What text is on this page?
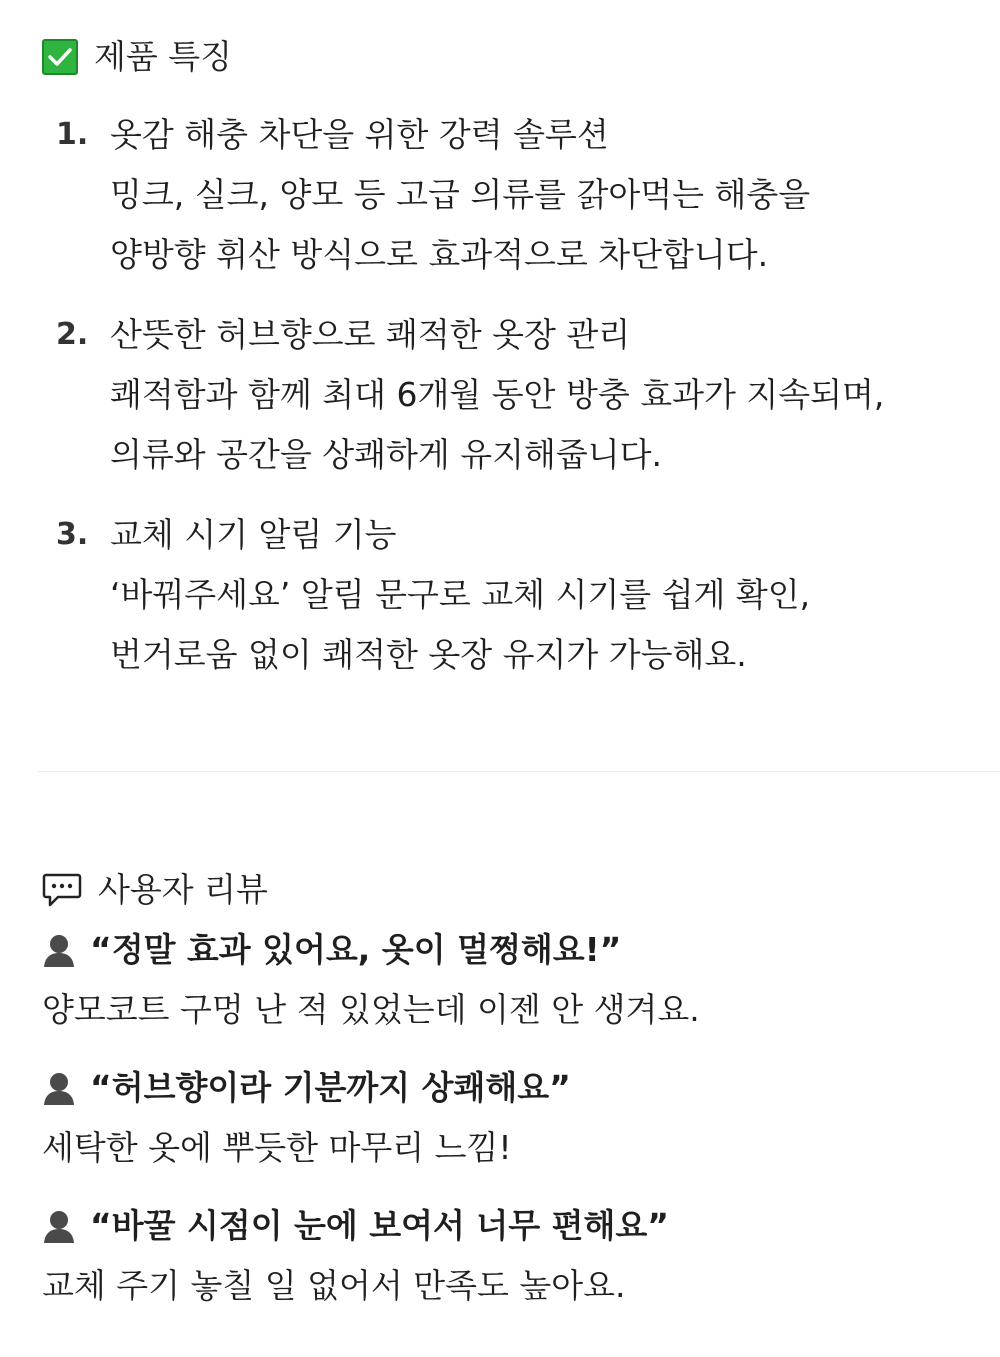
제품 특징
1. 옷감 해충 차단을 위한 강력 솔루션
밍크, 실크, 양모 등 고급 의류를 갉아먹는 해충을
양방향 휘산 방식으로 효과적으로 차단합니다.
2. 산뜻한 허브향으로 쾌적한 옷장 관리
쾌적함과 함께 최대 6개월 동안 방충 효과가 지속되며,
의류와 공간을 상쾌하게 유지해줍니다.
3. 교체 시기 알림 기능
‘바꿔주세요’ 알림 문구로 교체 시기를 쉽게 확인,
번거로움 없이 쾌적한 옷장 유지가 가능해요.
사용자 리뷰
“정말 효과 있어요, 옷이 멀쩡해요!”
양모코트 구멍 난 적 있었는데 이젠 안 생겨요.
“허브향이라 기분까지 상쾌해요”
세탁한 옷에 뿌듯한 마무리 느낌!
“바꿀 시점이 눈에 보여서 너무 편해요”
교체 주기 놓칠 일 없어서 만족도 높아요.
